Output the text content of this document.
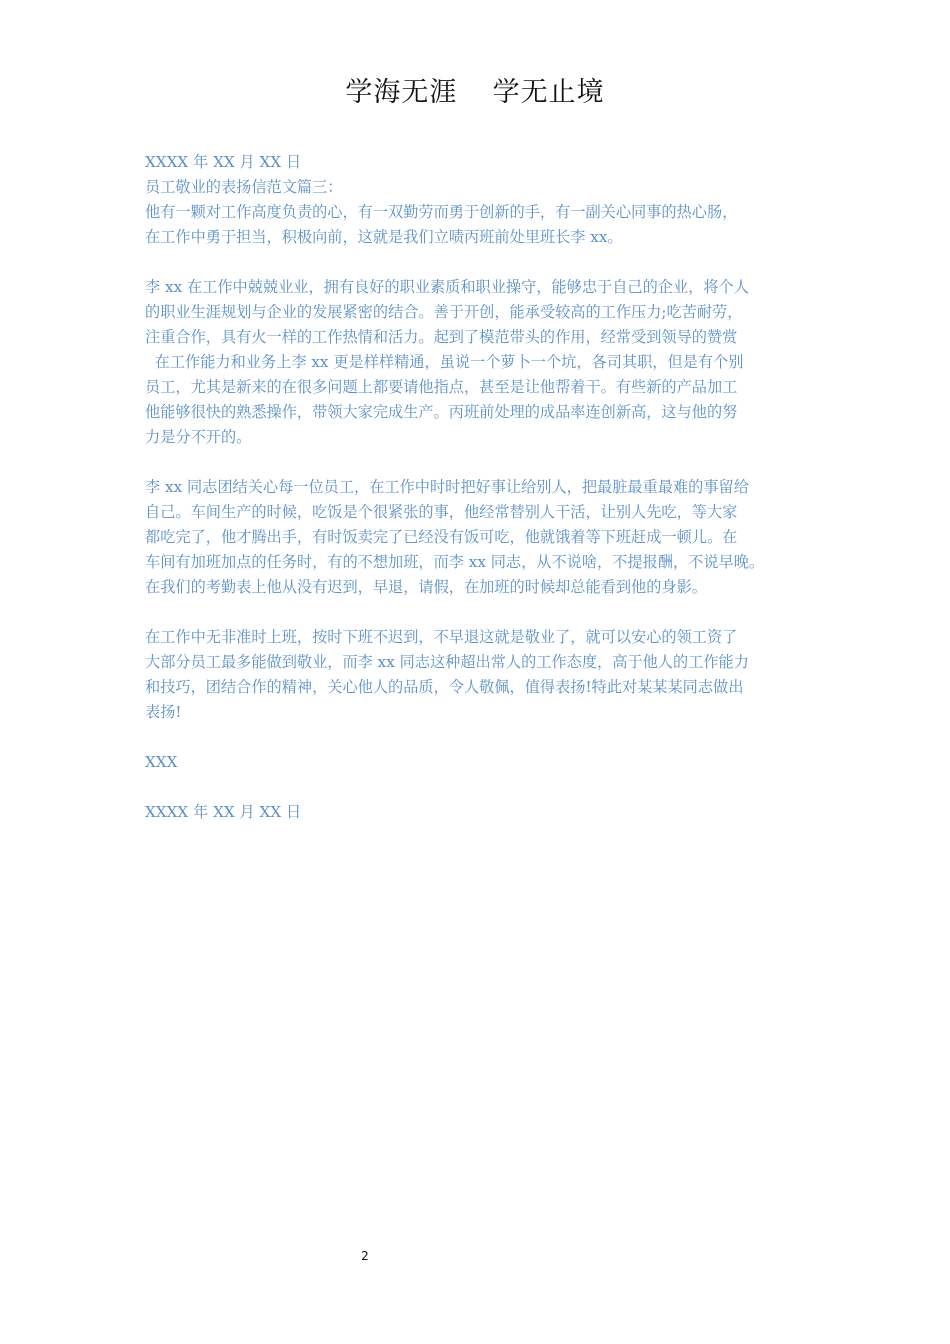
学海无涯  学无止境
XXXX 年 XX 月 XX 日
员工敬业的表扬信范文篇三：
他有一颗对工作高度负责的心，有一双勤劳而勇于创新的手，有一副关心同事的热心肠，
在工作中勇于担当，积极向前，这就是我们立啧丙班前处里班长李 xx。
李 xx 在工作中兢兢业业，拥有良好的职业素质和职业操守，能够忠于自己的企业，将个人
的职业生涯规划与企业的发展紧密的结合。善于开创，能承受较高的工作压力;吃苦耐劳，
注重合作，具有火一样的工作热情和活力。起到了模范带头的作用，经常受到领导的赞赏
在工作能力和业务上李 xx 更是样样精通，虽说一个萝卜一个坑，各司其职，但是有个别
员工，尤其是新来的在很多问题上都要请他指点，甚至是让他帮着干。有些新的产品加工
他能够很快的熟悉操作，带领大家完成生产。丙班前处理的成品率连创新高，这与他的努
力是分不开的。
李 xx 同志团结关心每一位员工，在工作中时时把好事让给别人，把最脏最重最难的事留给
自己。车间生产的时候，吃饭是个很紧张的事，他经常替别人干活，让别人先吃，等大家
都吃完了，他才腾出手，有时饭卖完了已经没有饭可吃，他就饿着等下班赶成一顿儿。在
车间有加班加点的任务时，有的不想加班，而李 xx 同志，从不说啥，不提报酬，不说早晚。
在我们的考勤表上他从没有迟到，早退，请假，在加班的时候却总能看到他的身影。
在工作中无非准时上班，按时下班不迟到，不早退这就是敬业了，就可以安心的领工资了
大部分员工最多能做到敬业，而李 xx 同志这种超出常人的工作态度，高于他人的工作能力
和技巧，团结合作的精神，关心他人的品质，令人敬佩，值得表扬!特此对某某某同志做出
表扬!
XXX
XXXX 年 XX 月 XX 日
2
